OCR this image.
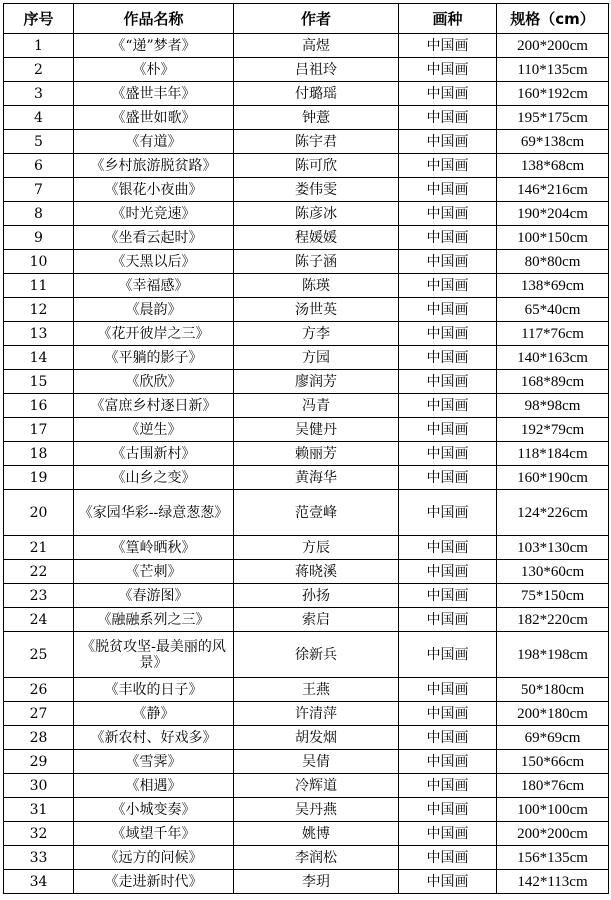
序号	作品名称	作者	画种	规格（cm）
1	《“递”梦者》	高煜	中国画	200*200cm
2	《朴》	吕祖玲	中国画	110*135cm
3	《盛世丰年》	付璐瑶	中国画	160*192cm
4	《盛世如歌》	钟薏	中国画	195*175cm
5	《有道》	陈宇君	中国画	69*138cm
6	《乡村旅游脱贫路》	陈可欣	中国画	138*68cm
7	《银花小夜曲》	娄伟雯	中国画	146*216cm
8	《时光竞速》	陈彦冰	中国画	190*204cm
9	《坐看云起时》	程媛媛	中国画	100*150cm
10	《天黑以后》	陈子涵	中国画	80*80cm
11	《幸福感》	陈瑛	中国画	138*69cm
12	《晨韵》	汤世英	中国画	65*40cm
13	《花开彼岸之三》	方李	中国画	117*76cm
14	《平躺的影子》	方园	中国画	140*163cm
15	《欣欣》	廖润芳	中国画	168*89cm
16	《富庶乡村逐日新》	冯青	中国画	98*98cm
17	《逆生》	吴健丹	中国画	192*79cm
18	《古围新村》	赖丽芳	中国画	118*184cm
19	《山乡之变》	黄海华	中国画	160*190cm
20	《家园华彩--绿意葱葱》	范壹峰	中国画	124*226cm
21	《篁岭晒秋》	方辰	中国画	103*130cm
22	《芒刺》	蒋晓溪	中国画	130*60cm
23	《春游图》	孙扬	中国画	75*150cm
24	《融融系列之三》	索启	中国画	182*220cm
25	《脱贫攻坚-最美丽的风景》	徐新兵	中国画	198*198cm
26	《丰收的日子》	王燕	中国画	50*180cm
27	《静》	许清萍	中国画	200*180cm
28	《新农村、好戏多》	胡发烟	中国画	69*69cm
29	《雪霁》	吴倩	中国画	150*66cm
30	《相遇》	冷辉道	中国画	180*76cm
31	《小城变奏》	吴丹燕	中国画	100*100cm
32	《域望千年》	姚博	中国画	200*200cm
33	《远方的问候》	李润松	中国画	156*135cm
34	《走进新时代》	李玥	中国画	142*113cm
